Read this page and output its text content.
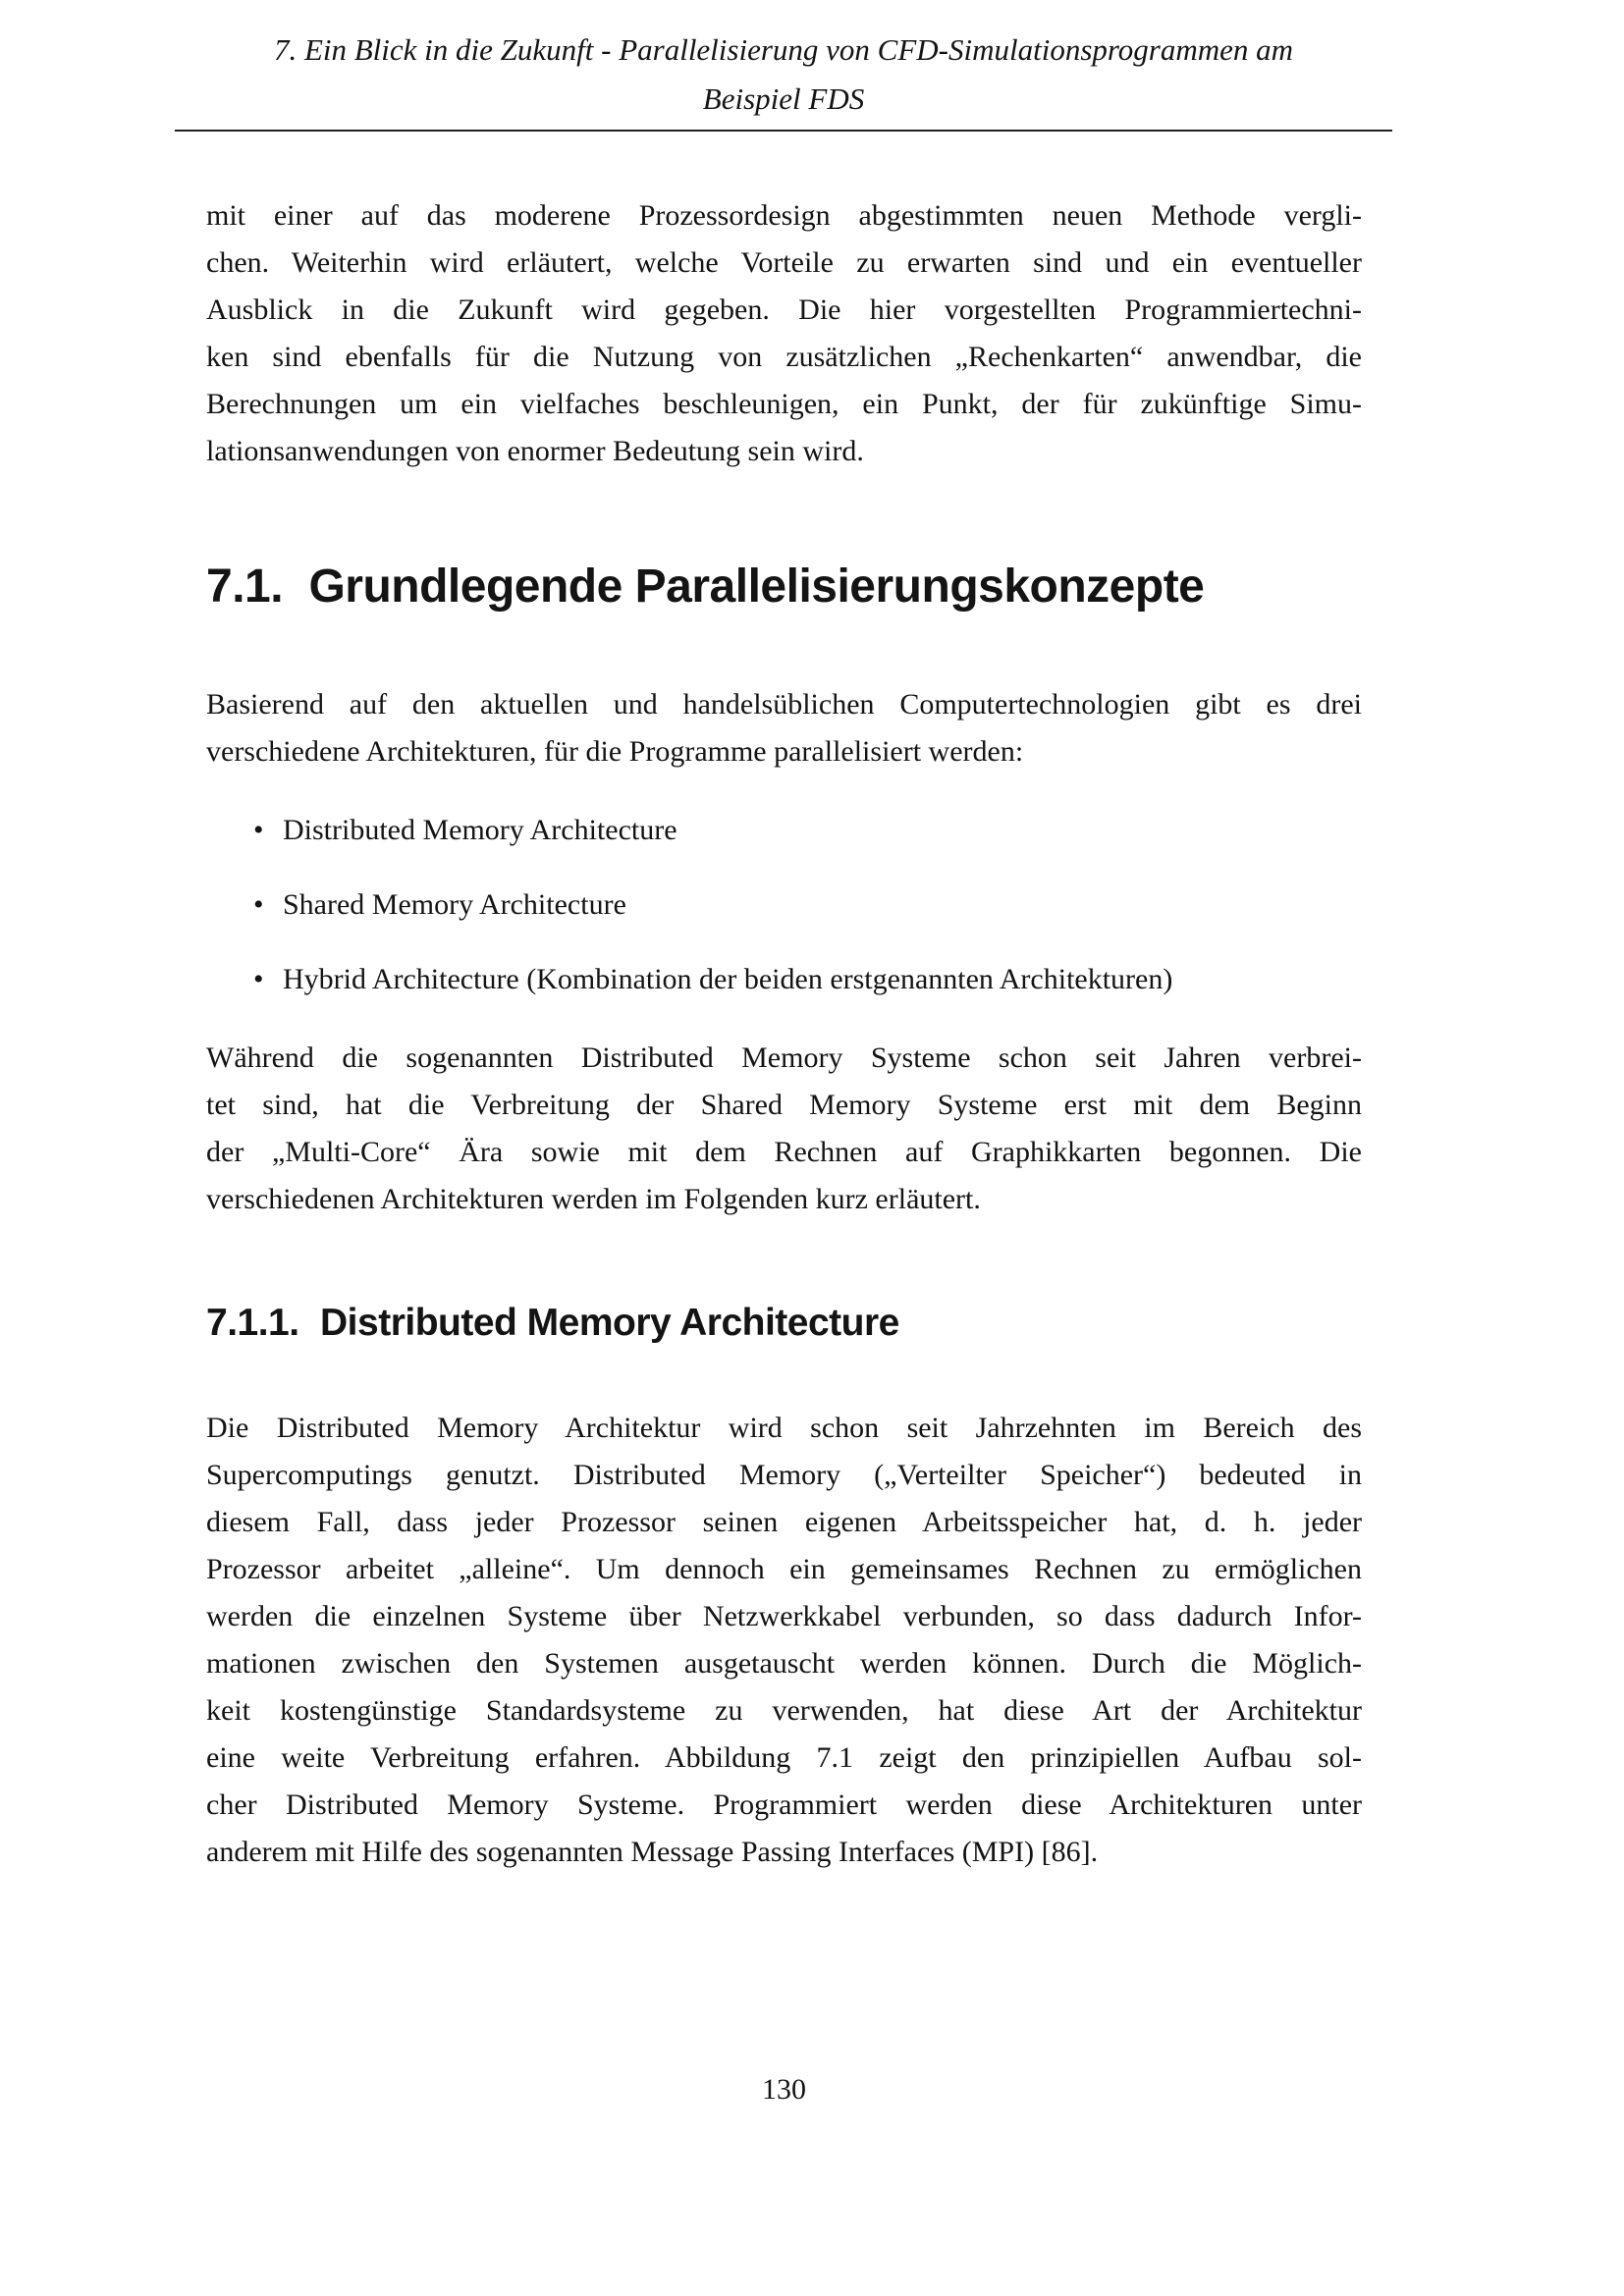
7. Ein Blick in die Zukunft - Parallelisierung von CFD-Simulationsprogrammen am
Beispiel FDS
mit einer auf das moderene Prozessordesign abgestimmten neuen Methode vergli-
chen. Weiterhin wird erläutert, welche Vorteile zu erwarten sind und ein eventueller
Ausblick in die Zukunft wird gegeben. Die hier vorgestellten Programmiertechni-
ken sind ebenfalls für die Nutzung von zusätzlichen „Rechenkarten“ anwendbar, die
Berechnungen um ein vielfaches beschleunigen, ein Punkt, der für zukünftige Simu-
lationsanwendungen von enormer Bedeutung sein wird.
7.1. Grundlegende Parallelisierungskonzepte
Basierend auf den aktuellen und handelsüblichen Computertechnologien gibt es drei
verschiedene Architekturen, für die Programme parallelisiert werden:
• Distributed Memory Architecture
• Shared Memory Architecture
• Hybrid Architecture (Kombination der beiden erstgenannten Architekturen)
Während die sogenannten Distributed Memory Systeme schon seit Jahren verbrei-
tet sind, hat die Verbreitung der Shared Memory Systeme erst mit dem Beginn
der „Multi-Core“ Ära sowie mit dem Rechnen auf Graphikkarten begonnen. Die
verschiedenen Architekturen werden im Folgenden kurz erläutert.
7.1.1. Distributed Memory Architecture
Die Distributed Memory Architektur wird schon seit Jahrzehnten im Bereich des
Supercomputings genutzt. Distributed Memory („Verteilter Speicher“) bedeuted in
diesem Fall, dass jeder Prozessor seinen eigenen Arbeitsspeicher hat, d. h. jeder
Prozessor arbeitet „alleine“. Um dennoch ein gemeinsames Rechnen zu ermöglichen
werden die einzelnen Systeme über Netzwerkkabel verbunden, so dass dadurch Infor-
mationen zwischen den Systemen ausgetauscht werden können. Durch die Möglich-
keit kostengünstige Standardsysteme zu verwenden, hat diese Art der Architektur
eine weite Verbreitung erfahren. Abbildung 7.1 zeigt den prinzipiellen Aufbau sol-
cher Distributed Memory Systeme. Programmiert werden diese Architekturen unter
anderem mit Hilfe des sogenannten Message Passing Interfaces (MPI) [86].
130
